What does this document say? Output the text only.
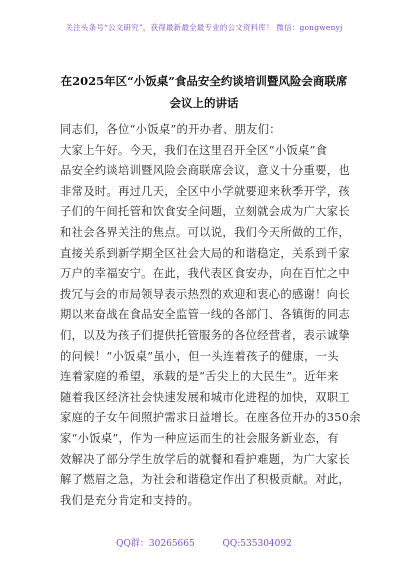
关注头条号“公文研究”，获得最新最全最专业的公文资料库！ 微信：gongwenyj
在2025年区“小饭桌”食品安全约谈培训暨风险会商联席
会议上的讲话
同志们，各位“小饭桌”的开办者、朋友们：
大家上午好。今天，我们在这里召开全区“小饭桌”食
品安全约谈培训暨风险会商联席会议，意义十分重要，也
非常及时。再过几天，全区中小学就要迎来秋季开学，孩
子们的午间托管和饮食安全问题，立刻就会成为广大家长
和社会各界关注的焦点。可以说，我们今天所做的工作，
直接关系到新学期全区社会大局的和谐稳定，关系到千家
万户的幸福安宁。在此，我代表区食安办，向在百忙之中
拨冗与会的市局领导表示热烈的欢迎和衷心的感谢！向长
期以来奋战在食品安全监管一线的各部门、各镇街的同志
们，以及为孩子们提供托管服务的各位经营者，表示诚挚
的问候！“小饭桌”虽小，但一头连着孩子的健康，一头
连着家庭的希望，承载的是“舌尖上的大民生”。近年来
随着我区经济社会快速发展和城市化进程的加快，双职工
家庭的子女午间照护需求日益增长。在座各位开办的350余
家“小饭桌”，作为一种应运而生的社会服务新业态，有
效解决了部分学生放学后的就餐和看护难题，为广大家长
解了燃眉之急，为社会和谐稳定作出了积极贡献。对此，
我们是充分肯定和支持的。
QQ群：30265665	QQ:535304092
